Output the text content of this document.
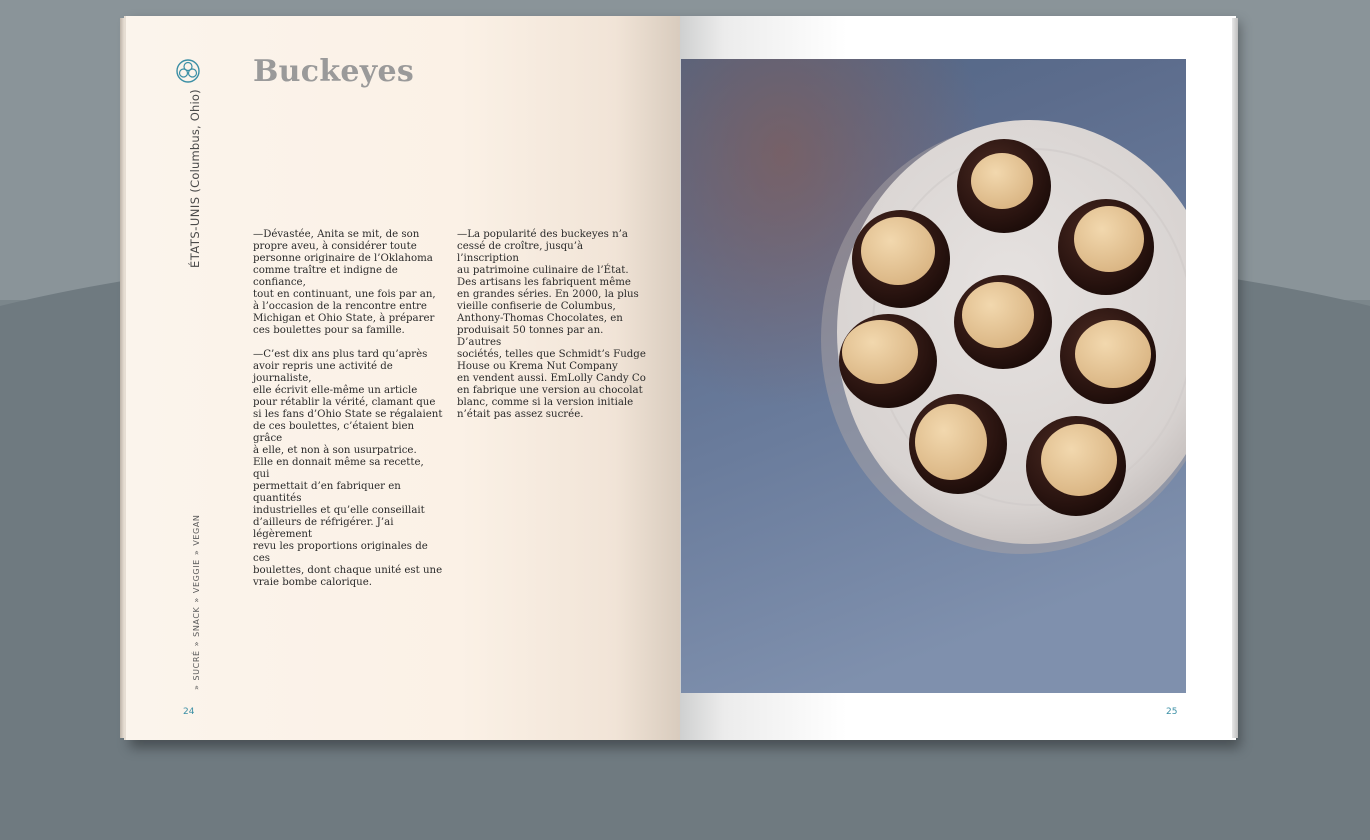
ÉTATS-UNIS (Columbus, Ohio)
»SUCRÉ»SNACK»VEGGIE»VEGAN
24
Buckeyes

—Dévastée, Anita se mit, de son
propre aveu, à considérer toute
personne originaire de l’Oklahoma
comme traître et indigne de confiance,
tout en continuant, une fois par an,
à l’occasion de la rencontre entre
Michigan et Ohio State, à préparer
ces boulettes pour sa famille.

—C’est dix ans plus tard qu’après
avoir repris une activité de journaliste,
elle écrivit elle-même un article
pour rétablir la vérité, clamant que
si les fans d’Ohio State se régalaient
de ces boulettes, c’étaient bien grâce
à elle, et non à son usurpatrice.
Elle en donnait même sa recette, qui
permettait d’en fabriquer en quantités
industrielles et qu’elle conseillait
d’ailleurs de réfrigérer. J’ai légèrement
revu les proportions originales de ces
boulettes, dont chaque unité est une
vraie bombe calorique.

—La popularité des buckeyes n’a
cessé de croître, jusqu’à l’inscription
au patrimoine culinaire de l’État.
Des artisans les fabriquent même
en grandes séries. En 2000, la plus
vieille confiserie de Columbus,
Anthony-Thomas Chocolates, en
produisait 50 tonnes par an. D’autres
sociétés, telles que Schmidt’s Fudge
House ou Krema Nut Company
en vendent aussi. EmLolly Candy Co
en fabrique une version au chocolat
blanc, comme si la version initiale
n’était pas assez sucrée.

25
